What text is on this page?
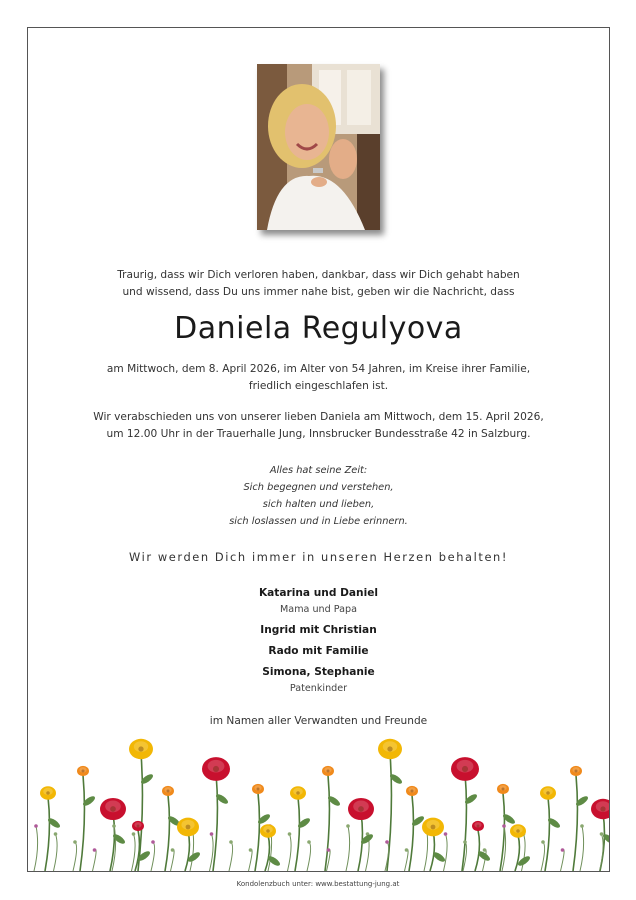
Traurig, dass wir Dich verloren haben, dankbar, dass wir Dich gehabt haben
und wissend, dass Du uns immer nahe bist, geben wir die Nachricht, dass
Daniela Regulyova
am Mittwoch, dem 8. April 2026, im Alter von 54 Jahren, im Kreise ihrer Familie,
friedlich eingeschlafen ist.
Wir verabschieden uns von unserer lieben Daniela am Mittwoch, dem 15. April 2026,
um 12.00 Uhr in der Trauerhalle Jung, Innsbrucker Bundesstraße 42 in Salzburg.
Alles hat seine Zeit:
Sich begegnen und verstehen,
sich halten und lieben,
sich loslassen und in Liebe erinnern.
Wir werden Dich immer in unseren Herzen behalten!
Katarina und Daniel
Mama und Papa
Ingrid mit Christian
Rado mit Familie
Simona, Stephanie
Patenkinder
im Namen aller Verwandten und Freunde
Kondolenzbuch unter: www.bestattung-jung.at
